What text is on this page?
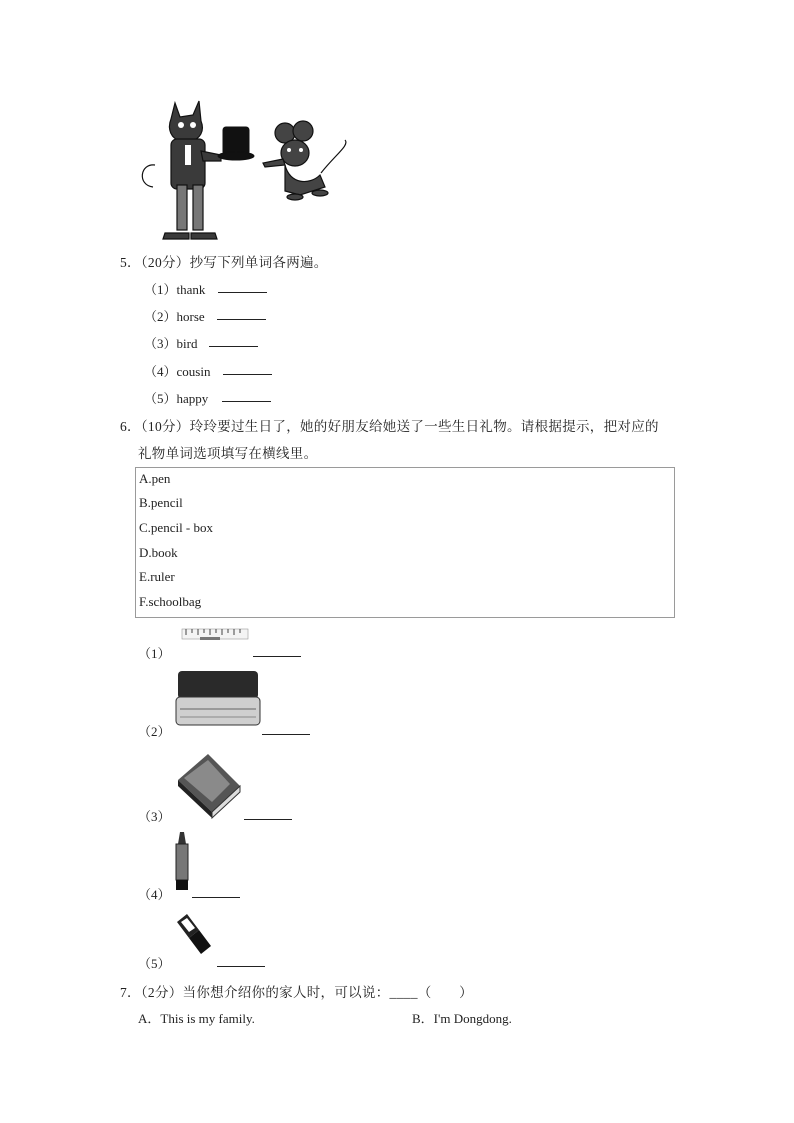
5．（20分）抄写下列单词各两遍。
（1）thank
（2）horse
（3）bird
（4）cousin
（5）happy
6．（10分）玲玲要过生日了，她的好朋友给她送了一些生日礼物。请根据提示，把对应的
礼物单词选项填写在横线里。
A.pen
B.pencil
C.pencil - box
D.book
E.ruler
F.schoolbag
（1）
（2）
（3）
（4）
（5）
7．（2分）当你想介绍你的家人时，可以说：____（　　）
A．This is my family.	B．I'm Dongdong.
